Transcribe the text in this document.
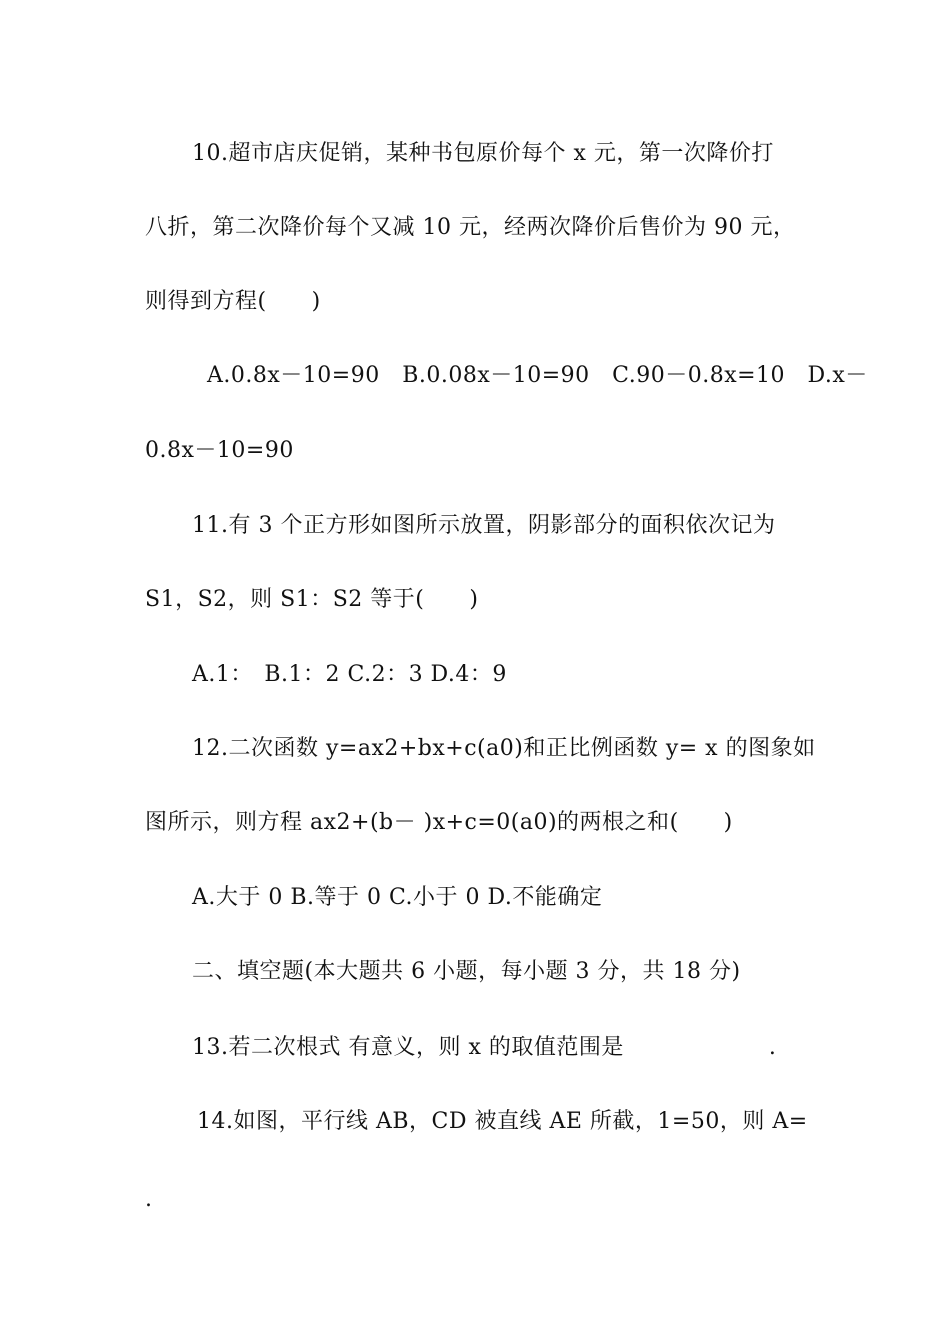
10.超市店庆促销，某种书包原价每个 x 元，第一次降价打
八折，第二次降价每个又减 10 元，经两次降价后售价为 90 元，
则得到方程(　　)
A.0.8x－10=90　B.0.08x－10=90　C.90－0.8x=10　D.x－
0.8x－10=90
11.有 3 个正方形如图所示放置，阴影部分的面积依次记为
S1，S2，则 S1：S2 等于(　　)
A.1：　B.1：2 C.2：3 D.4：9
12.二次函数 y=ax2+bx+c(a0)和正比例函数 y= x 的图象如
图所示，则方程 ax2+(b－ )x+c=0(a0)的两根之和(　　)
A.大于 0 B.等于 0 C.小于 0 D.不能确定
二、填空题(本大题共 6 小题，每小题 3 分，共 18 分)
13.若二次根式 有意义，则 x 的取值范围是	.
14.如图，平行线 AB，CD 被直线 AE 所截，1=50，则 A=
.
